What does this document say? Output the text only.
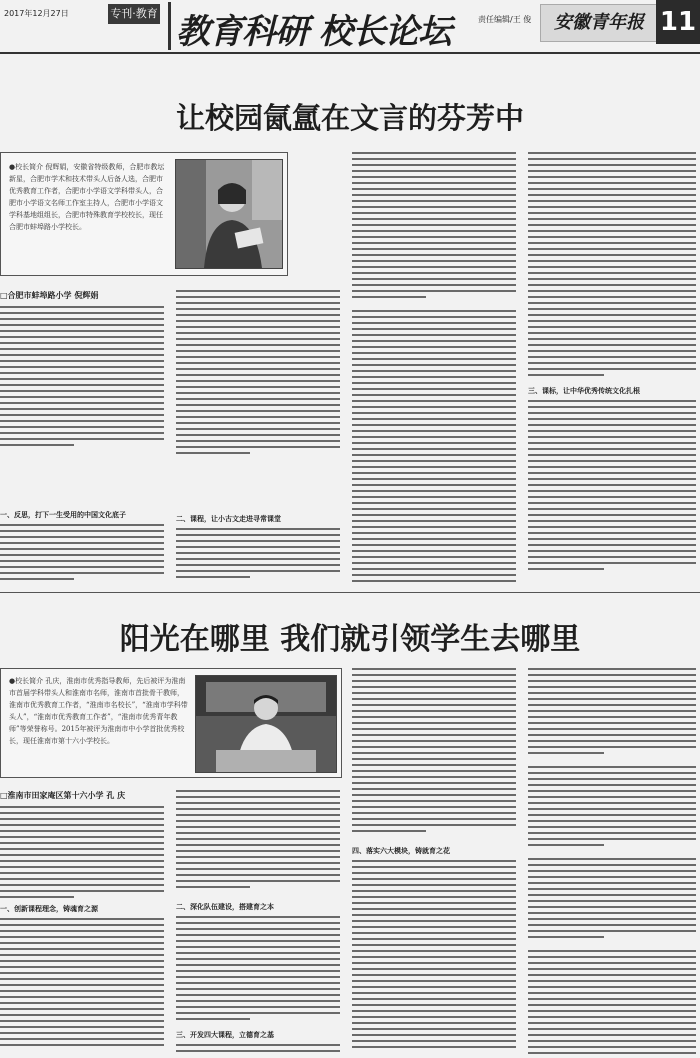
2017年12月27日	专刊·教育 教育科研 校长论坛	责任编辑/王 俊	安徽青年报 11
让校园氤氲在文言的芬芳中
●校长简介 倪辉娟，安徽省特级教师，合肥市教坛新星，合肥市学术和技术带头人后备人选，合肥市优秀教育工作者，合肥市小学语文学科带头人，合肥市小学语文名师工作室主持人，合肥市小学语文学科基地组组长，合肥市特殊教育学校校长，现任合肥市蚌埠路小学校长。
□合肥市蚌埠路小学 倪辉娟
一、反思，打下一生受用的中国文化底子	二、课程，让小古文走进寻常课堂
三、课标，让中华优秀传统文化扎根
阳光在哪里 我们就引领学生去哪里
●校长简介 孔庆，淮南市优秀指导教师，先后被评为淮南市首届学科带头人和淮南市名师，淮南市首批骨干教师，淮南市优秀教育工作者，“淮南市名校长”，“淮南市学科带头人”，“淮南市优秀教育工作者”，“淮南市优秀青年教师”等荣誉称号。2015年被评为淮南市中小学首批优秀校长，现任淮南市第十六小学校长。
□淮南市田家庵区第十六小学 孔 庆
一、创新课程理念，铸魂育之源	二、深化队伍建设，搭建育之本
三、开发四大课程，立德育之基
四、落实六大模块，铸就育之花
